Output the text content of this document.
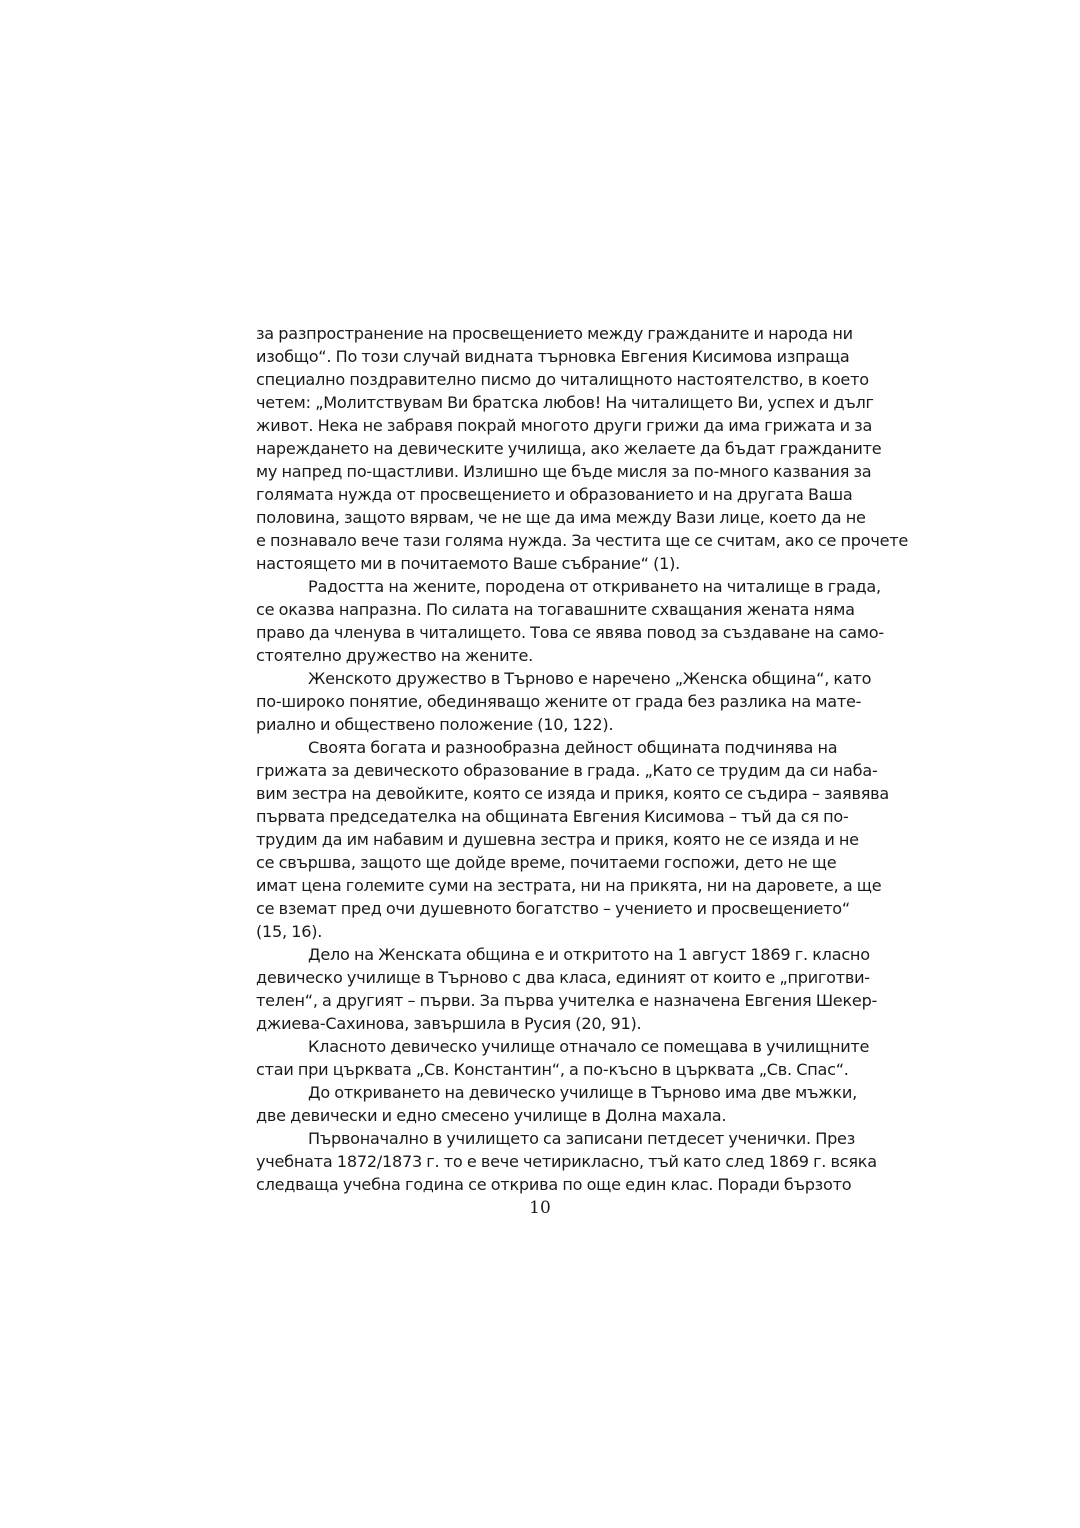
за разпространение на просвещението между гражданите и народа ни
изобщо“. По този случай видната търновка Евгения Кисимова изпраща
специално поздравително писмо до читалищното настоятелство, в което
четем: „Молитствувам Ви братска любов! На читалището Ви, успех и дълг
живот. Нека не забравя покрай многото други грижи да има грижата и за
нареждането на девическите училища, ако желаете да бъдат гражданите
му напред по-щастливи. Излишно ще бъде мисля за по-много казвания за
голямата нужда от просвещението и образованието и на другата Ваша
половина, защото вярвам, че не ще да има между Вази лице, което да не
е познавало вече тази голяма нужда. За честита ще се считам, ако се прочете
настоящето ми в почитаемото Ваше събрание“ (1).
Радостта на жените, породена от откриването на читалище в града,
се оказва напразна. По силата на тогавашните схващания жената няма
право да членува в читалището. Това се явява повод за създаване на само-
стоятелно дружество на жените.
Женското дружество в Търново е наречено „Женска община“, като
по-широко понятие, обединяващо жените от града без разлика на мате-
риално и обществено положение (10, 122).
Своята богата и разнообразна дейност общината подчинява на
грижата за девическото образование в града. „Като се трудим да си наба-
вим зестра на девойките, която се изяда и прикя, която се съдира – заявява
първата председателка на общината Евгения Кисимова – тъй да ся по-
трудим да им набавим и душевна зестра и прикя, която не се изяда и не
се свършва, защото ще дойде време, почитаеми госпожи, дето не ще
имат цена големите суми на зестрата, ни на прикята, ни на даровете, а ще
се вземат пред очи душевното богатство – учението и просвещението“
(15, 16).
Дело на Женската община е и откритото на 1 август 1869 г. класно
девическо училище в Търново с два класа, единият от които е „приготви-
телен“, а другият – първи. За първа учителка е назначена Евгения Шекер-
джиева-Сахинова, завършила в Русия (20, 91).
Класното девическо училище отначало се помещава в училищните
стаи при църквата „Св. Константин“, а по-късно в църквата „Св. Спас“.
До откриването на девическо училище в Търново има две мъжки,
две девически и едно смесено училище в Долна махала.
Първоначално в училището са записани петдесет ученички. През
учебната 1872/1873 г. то е вече четирикласно, тъй като след 1869 г. всяка
следваща учебна година се открива по още един клас. Поради бързото
10
